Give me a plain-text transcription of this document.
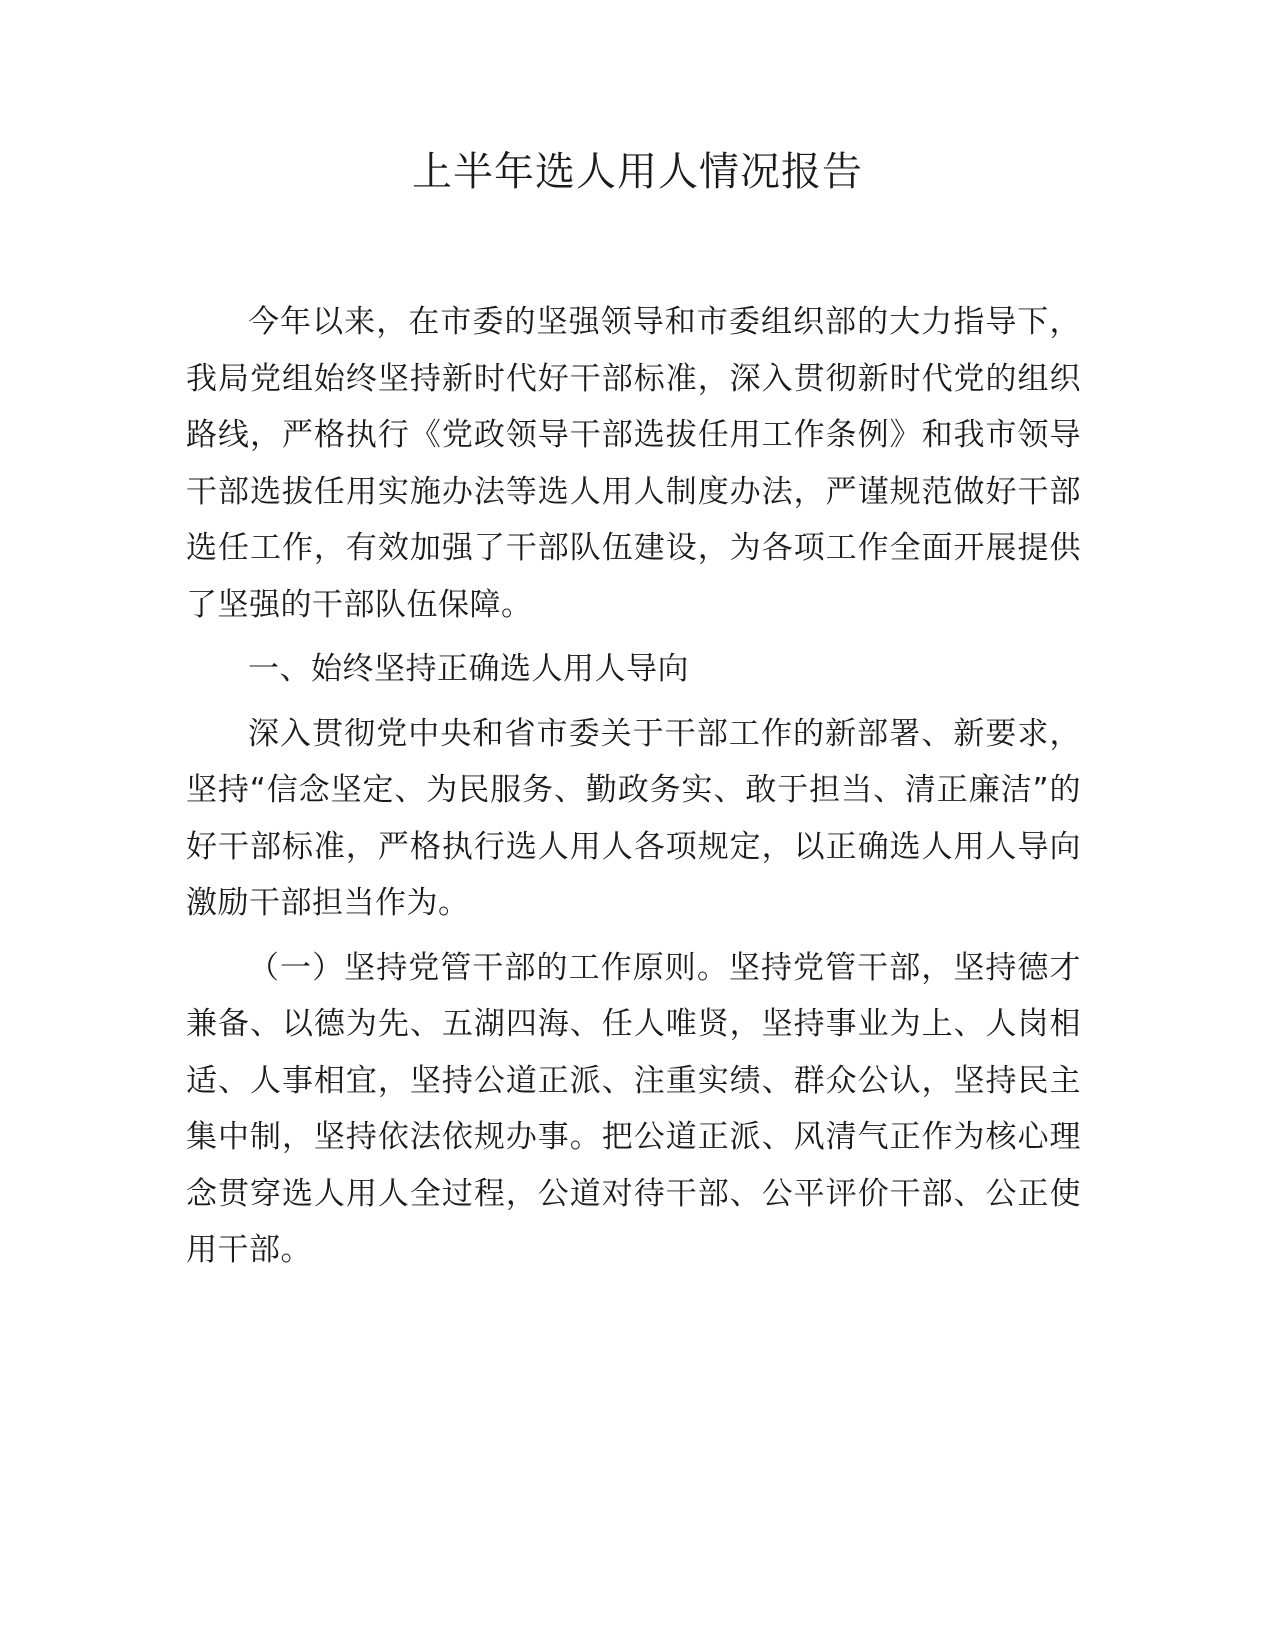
上半年选人用人情况报告

今年以来，在市委的坚强领导和市委组织部的大力指导下，我局党组始终坚持新时代好干部标准，深入贯彻新时代党的组织路线，严格执行《党政领导干部选拔任用工作条例》和我市领导干部选拔任用实施办法等选人用人制度办法，严谨规范做好干部选任工作，有效加强了干部队伍建设，为各项工作全面开展提供了坚强的干部队伍保障。

一、始终坚持正确选人用人导向

深入贯彻党中央和省市委关于干部工作的新部署、新要求，坚持“信念坚定、为民服务、勤政务实、敢于担当、清正廉洁”的好干部标准，严格执行选人用人各项规定，以正确选人用人导向激励干部担当作为。

（一）坚持党管干部的工作原则。坚持党管干部，坚持德才兼备、以德为先、五湖四海、任人唯贤，坚持事业为上、人岗相适、人事相宜，坚持公道正派、注重实绩、群众公认，坚持民主集中制，坚持依法依规办事。把公道正派、风清气正作为核心理念贯穿选人用人全过程，公道对待干部、公平评价干部、公正使用干部。
